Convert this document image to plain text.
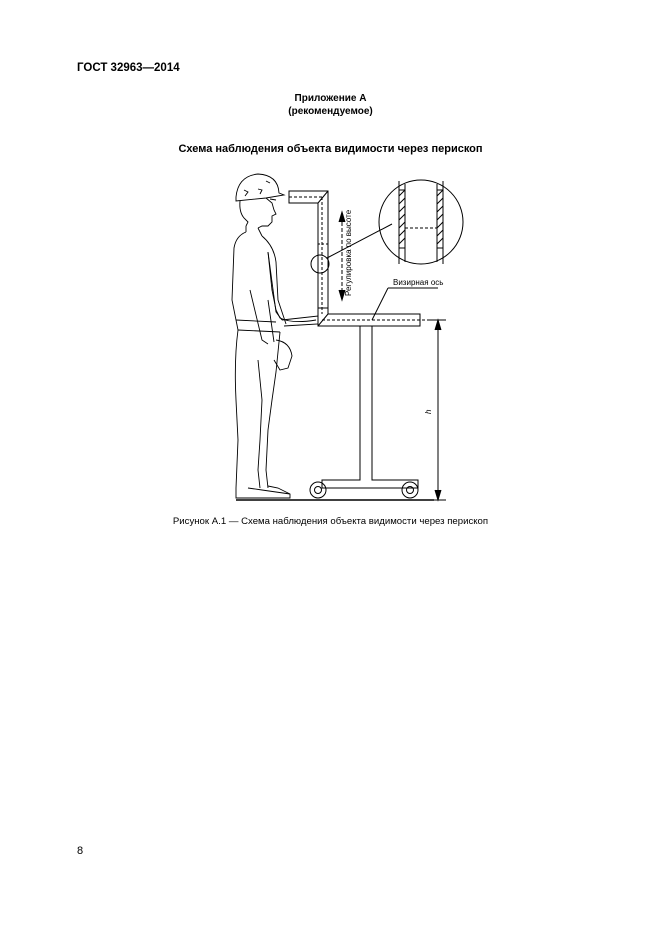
ГОСТ 32963—2014
Приложение А
(рекомендуемое)
Схема наблюдения объекта видимости через перископ
Регулировка по высоте	Визирная ось
h
Рисунок А.1 — Схема наблюдения объекта видимости через перископ
8
